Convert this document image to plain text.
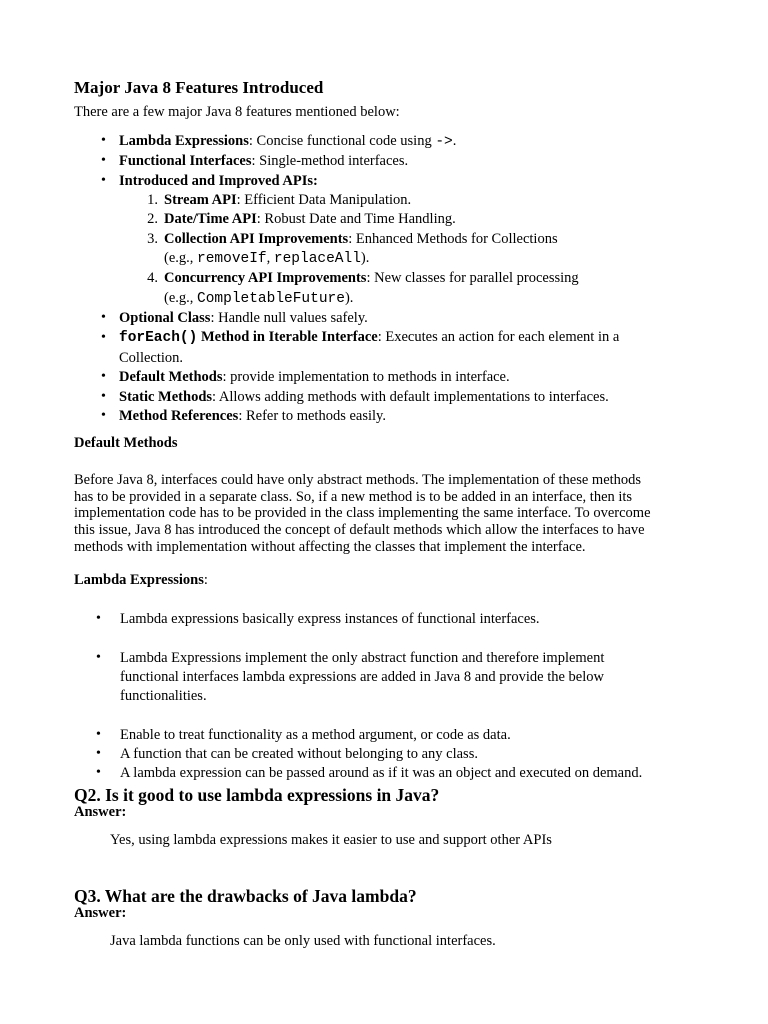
Major Java 8 Features Introduced
There are a few major Java 8 features mentioned below:
• Lambda Expressions: Concise functional code using ->.
• Functional Interfaces: Single-method interfaces.
• Introduced and Improved APIs:
1. Stream API: Efficient Data Manipulation.
2. Date/Time API: Robust Date and Time Handling.
3. Collection API Improvements: Enhanced Methods for Collections
(e.g., removeIf, replaceAll).
4. Concurrency API Improvements: New classes for parallel processing
(e.g., CompletableFuture).
• Optional Class: Handle null values safely.
• forEach() Method in Iterable Interface: Executes an action for each element in a
Collection.
• Default Methods: provide implementation to methods in interface.
• Static Methods: Allows adding methods with default implementations to interfaces.
• Method References: Refer to methods easily.
Default Methods
Before Java 8, interfaces could have only abstract methods. The implementation of these methods
has to be provided in a separate class. So, if a new method is to be added in an interface, then its
implementation code has to be provided in the class implementing the same interface. To overcome
this issue, Java 8 has introduced the concept of default methods which allow the interfaces to have
methods with implementation without affecting the classes that implement the interface.
Lambda Expressions:
• Lambda expressions basically express instances of functional interfaces.
• Lambda Expressions implement the only abstract function and therefore implement
functional interfaces lambda expressions are added in Java 8 and provide the below
functionalities.
• Enable to treat functionality as a method argument, or code as data.
• A function that can be created without belonging to any class.
• A lambda expression can be passed around as if it was an object and executed on demand.
Q2. Is it good to use lambda expressions in Java?
Answer:
Yes, using lambda expressions makes it easier to use and support other APIs
Q3. What are the drawbacks of Java lambda?
Answer:
Java lambda functions can be only used with functional interfaces.
